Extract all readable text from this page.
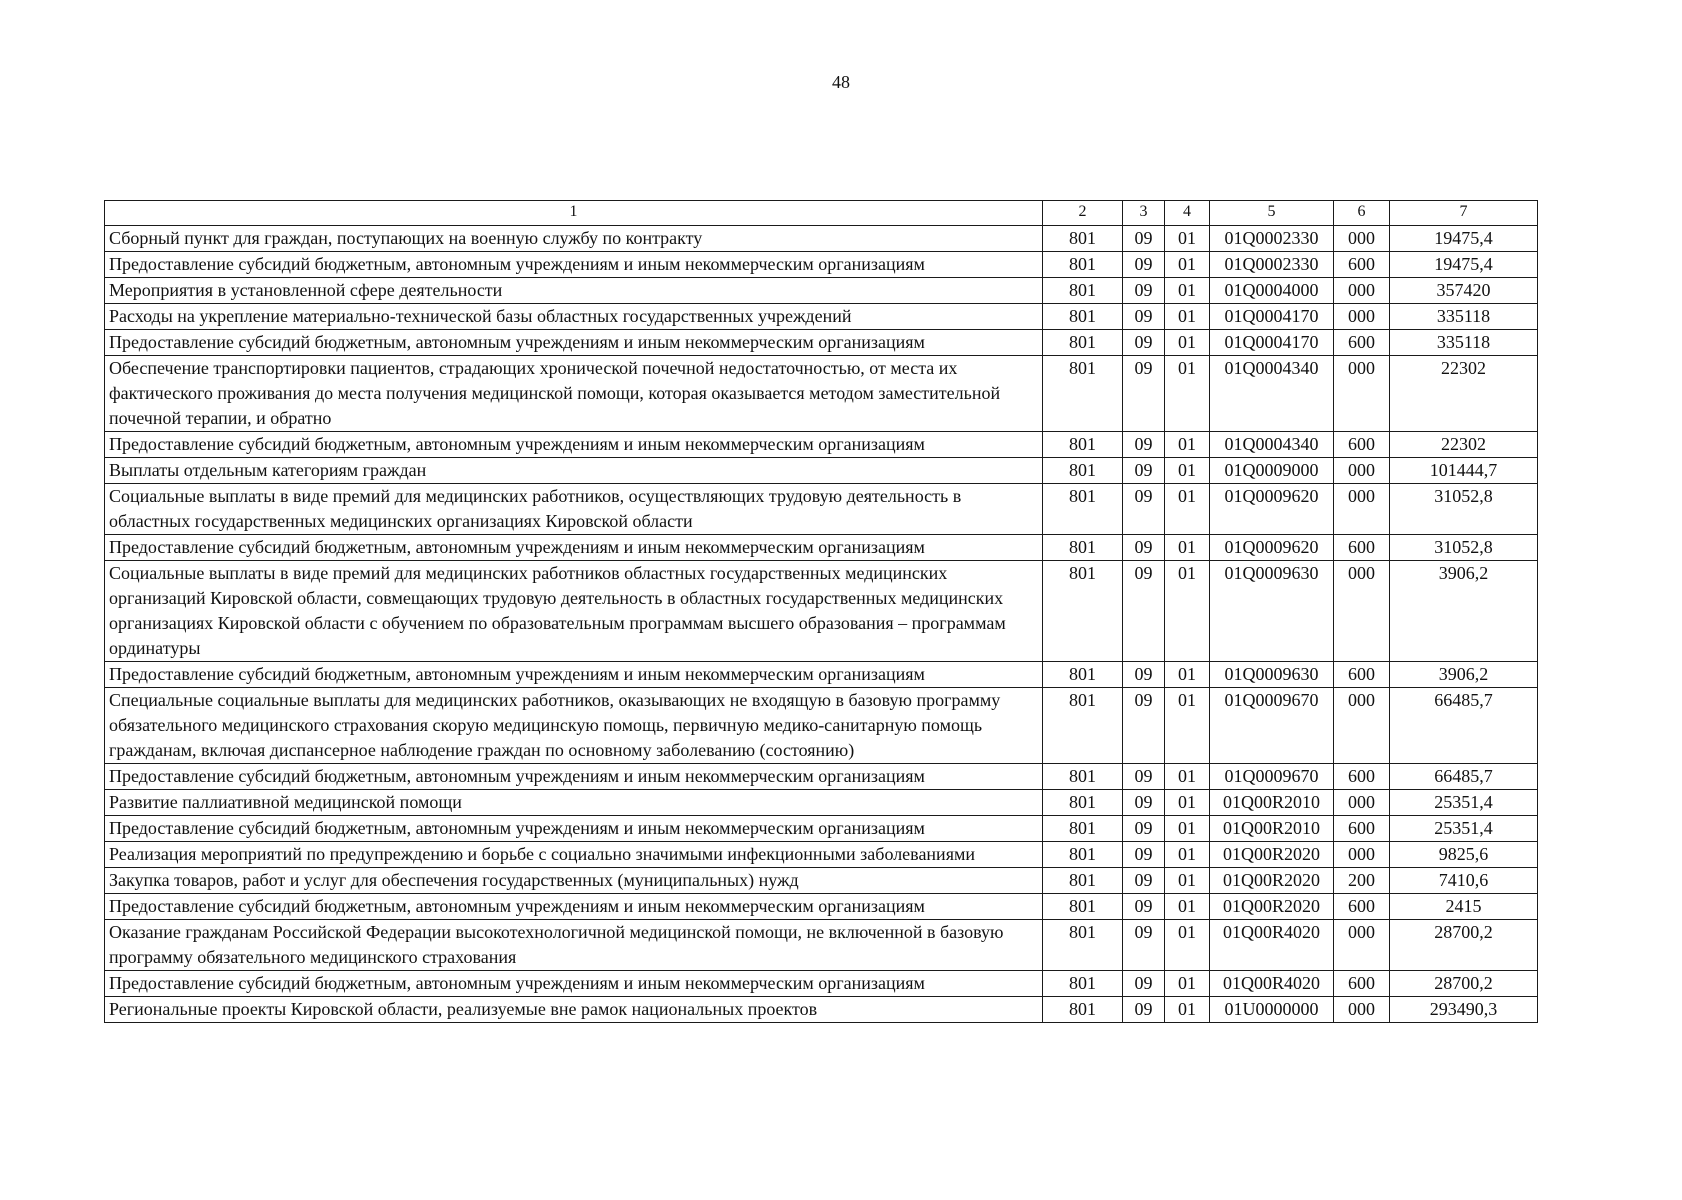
48
1	2	3	4	5	6	7
Сборный пункт для граждан, поступающих на военную службу по контракту	801	09	01	01Q0002330	000	19475,4
Предоставление субсидий бюджетным, автономным учреждениям и иным некоммерческим организациям	801	09	01	01Q0002330	600	19475,4
Мероприятия в установленной сфере деятельности	801	09	01	01Q0004000	000	357420
Расходы на укрепление материально-технической базы областных государственных учреждений	801	09	01	01Q0004170	000	335118
Предоставление субсидий бюджетным, автономным учреждениям и иным некоммерческим организациям	801	09	01	01Q0004170	600	335118
Обеспечение транспортировки пациентов, страдающих хронической почечной недостаточностью, от места их фактического проживания до места получения медицинской помощи, которая оказывается методом заместительной почечной терапии, и обратно	801	09	01	01Q0004340	000	22302
Предоставление субсидий бюджетным, автономным учреждениям и иным некоммерческим организациям	801	09	01	01Q0004340	600	22302
Выплаты отдельным категориям граждан	801	09	01	01Q0009000	000	101444,7
Социальные выплаты в виде премий для медицинских работников, осуществляющих трудовую деятельность в областных государственных медицинских организациях Кировской области	801	09	01	01Q0009620	000	31052,8
Предоставление субсидий бюджетным, автономным учреждениям и иным некоммерческим организациям	801	09	01	01Q0009620	600	31052,8
Социальные выплаты в виде премий для медицинских работников областных государственных медицинских организаций Кировской области, совмещающих трудовую деятельность в областных государственных медицинских организациях Кировской области с обучением по образовательным программам высшего образования – программам ординатуры	801	09	01	01Q0009630	000	3906,2
Предоставление субсидий бюджетным, автономным учреждениям и иным некоммерческим организациям	801	09	01	01Q0009630	600	3906,2
Специальные социальные выплаты для медицинских работников, оказывающих не входящую в базовую программу обязательного медицинского страхования скорую медицинскую помощь, первичную медико-санитарную помощь гражданам, включая диспансерное наблюдение граждан по основному заболеванию (состоянию)	801	09	01	01Q0009670	000	66485,7
Предоставление субсидий бюджетным, автономным учреждениям и иным некоммерческим организациям	801	09	01	01Q0009670	600	66485,7
Развитие паллиативной медицинской помощи	801	09	01	01Q00R2010	000	25351,4
Предоставление субсидий бюджетным, автономным учреждениям и иным некоммерческим организациям	801	09	01	01Q00R2010	600	25351,4
Реализация мероприятий по предупреждению и борьбе с социально значимыми инфекционными заболеваниями	801	09	01	01Q00R2020	000	9825,6
Закупка товаров, работ и услуг для обеспечения государственных (муниципальных) нужд	801	09	01	01Q00R2020	200	7410,6
Предоставление субсидий бюджетным, автономным учреждениям и иным некоммерческим организациям	801	09	01	01Q00R2020	600	2415
Оказание гражданам Российской Федерации высокотехнологичной медицинской помощи, не включенной в базовую программу обязательного медицинского страхования	801	09	01	01Q00R4020	000	28700,2
Предоставление субсидий бюджетным, автономным учреждениям и иным некоммерческим организациям	801	09	01	01Q00R4020	600	28700,2
Региональные проекты Кировской области, реализуемые вне рамок национальных проектов	801	09	01	01U0000000	000	293490,3
